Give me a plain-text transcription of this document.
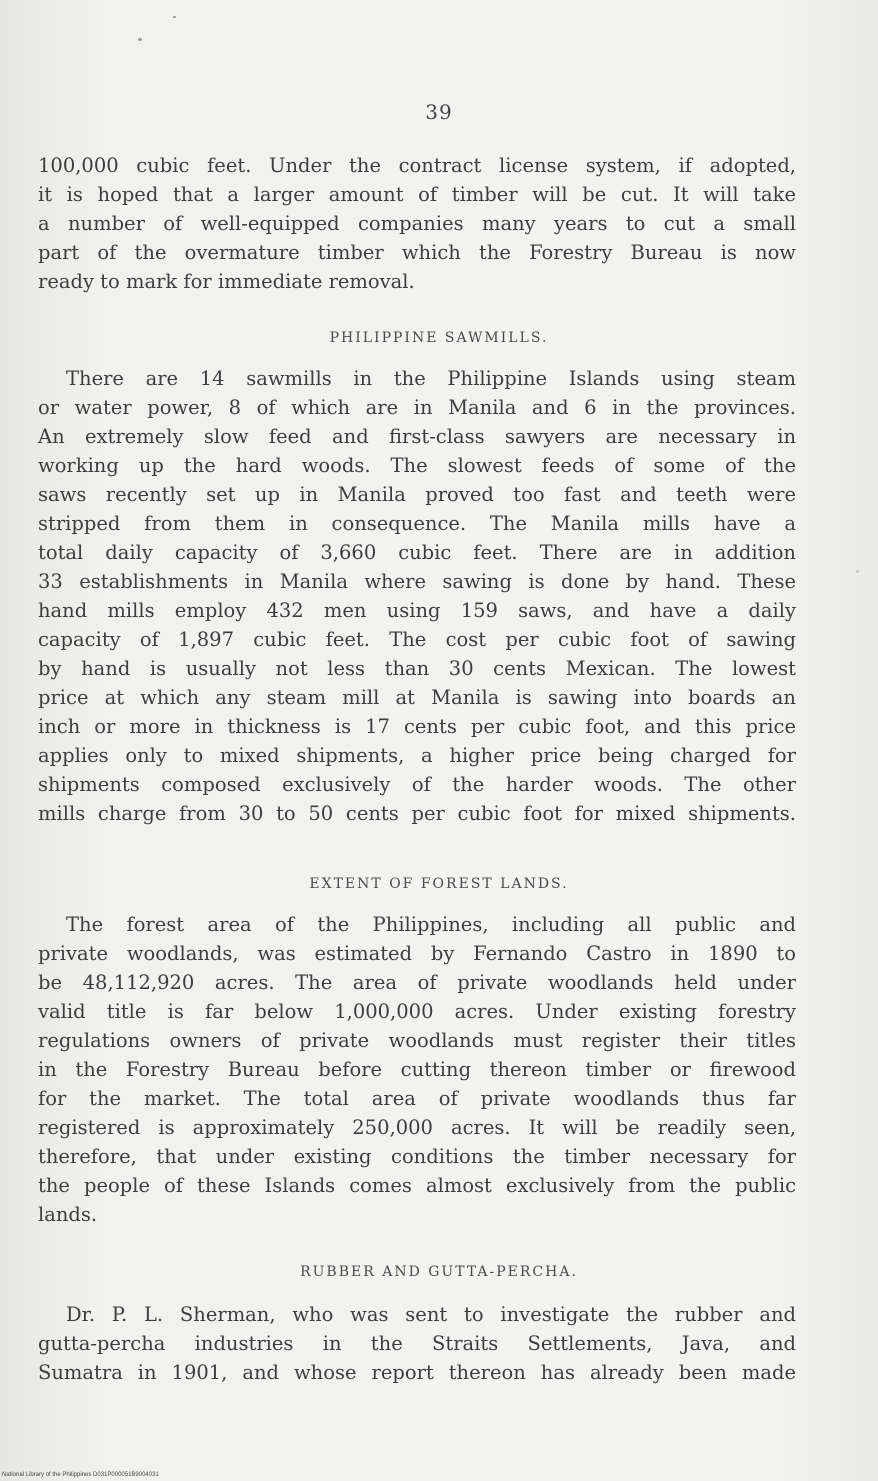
39
100,000 cubic feet. Under the contract license system, if adopted,
it is hoped that a larger amount of timber will be cut. It will take
a number of well-equipped companies many years to cut a small
part of the overmature timber which the Forestry Bureau is now
ready to mark for immediate removal.
PHILIPPINE SAWMILLS.
There are 14 sawmills in the Philippine Islands using steam
or water power, 8 of which are in Manila and 6 in the provinces.
An extremely slow feed and first-class sawyers are necessary in
working up the hard woods. The slowest feeds of some of the
saws recently set up in Manila proved too fast and teeth were
stripped from them in consequence. The Manila mills have a
total daily capacity of 3,660 cubic feet. There are in addition
33 establishments in Manila where sawing is done by hand. These
hand mills employ 432 men using 159 saws, and have a daily
capacity of 1,897 cubic feet. The cost per cubic foot of sawing
by hand is usually not less than 30 cents Mexican. The lowest
price at which any steam mill at Manila is sawing into boards an
inch or more in thickness is 17 cents per cubic foot, and this price
applies only to mixed shipments, a higher price being charged for
shipments composed exclusively of the harder woods. The other
mills charge from 30 to 50 cents per cubic foot for mixed shipments.
EXTENT OF FOREST LANDS.
The forest area of the Philippines, including all public and
private woodlands, was estimated by Fernando Castro in 1890 to
be 48,112,920 acres. The area of private woodlands held under
valid title is far below 1,000,000 acres. Under existing forestry
regulations owners of private woodlands must register their titles
in the Forestry Bureau before cutting thereon timber or firewood
for the market. The total area of private woodlands thus far
registered is approximately 250,000 acres. It will be readily seen,
therefore, that under existing conditions the timber necessary for
the people of these Islands comes almost exclusively from the public
lands.
RUBBER AND GUTTA-PERCHA.
Dr. P. L. Sherman, who was sent to investigate the rubber and
gutta-percha industries in the Straits Settlements, Java, and
Sumatra in 1901, and whose report thereon has already been made
National Library of the Philippines D031P000051B9004031
